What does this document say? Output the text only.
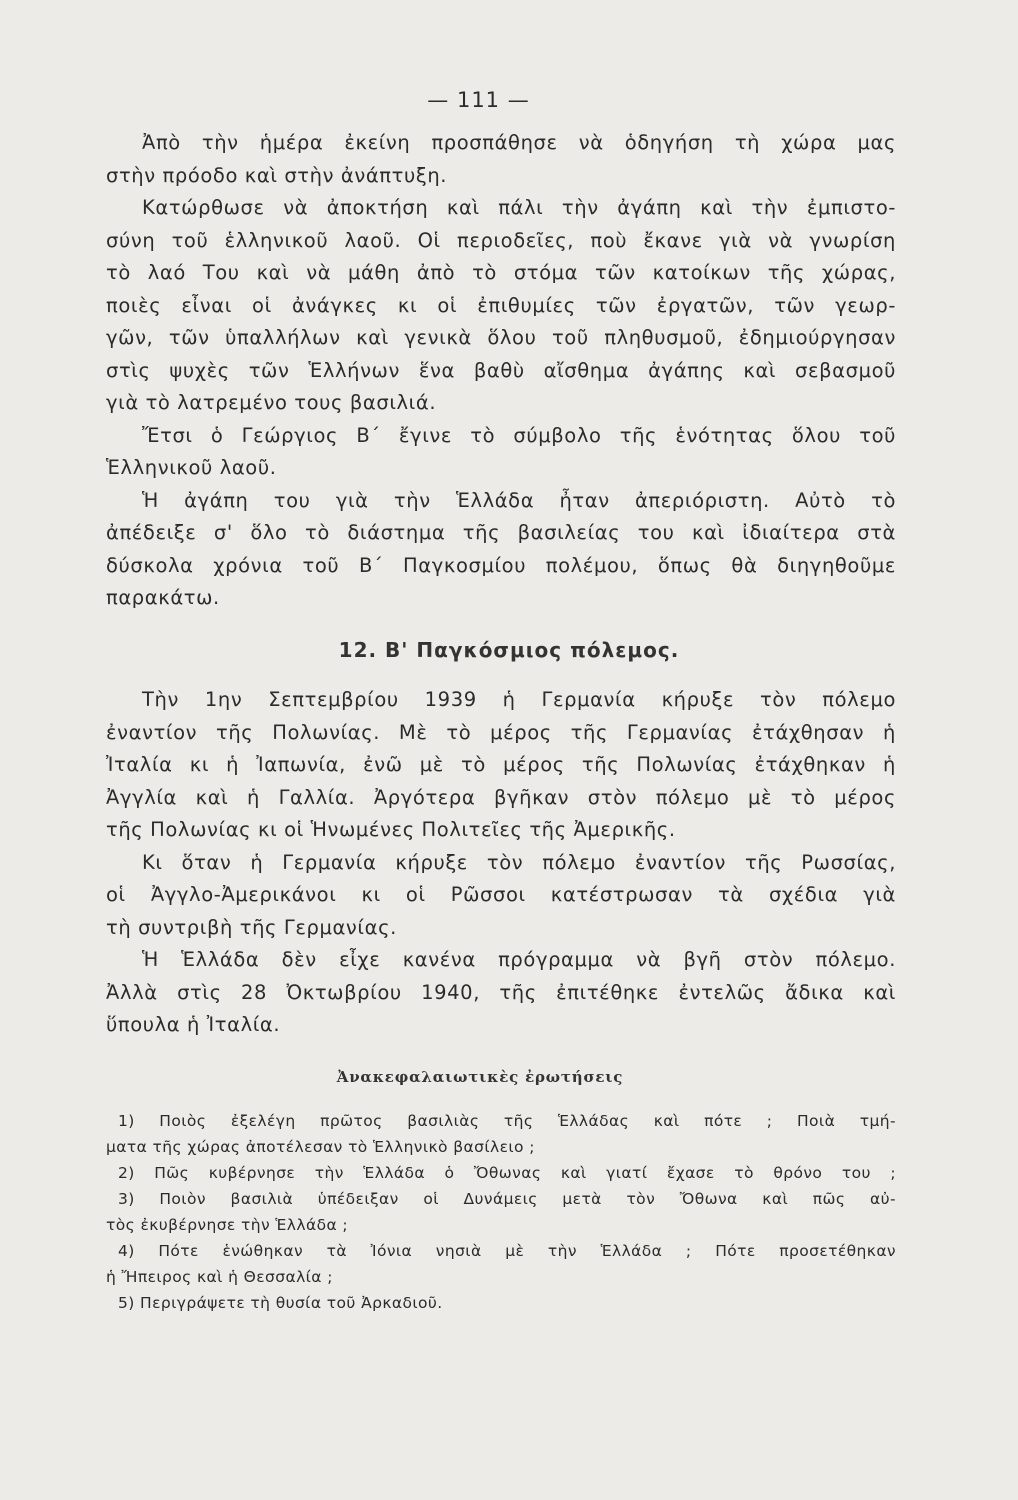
— 111 —

Ἀπὸ τὴν ἡμέρα ἐκείνη προσπάθησε νὰ ὁδηγήση τὴ χώρα μας

στὴν πρόοδο καὶ στὴν ἀνάπτυξη.

Κατώρθωσε νὰ ἀποκτήση καὶ πάλι τὴν ἀγάπη καὶ τὴν ἐμπιστο-

σύνη τοῦ ἑλληνικοῦ λαοῦ. Οἱ περιοδεῖες, ποὺ ἔκανε γιὰ νὰ γνωρίση

τὸ λαό Του καὶ νὰ μάθη ἀπὸ τὸ στόμα τῶν κατοίκων τῆς χώρας,

ποιὲς εἶναι οἱ ἀνάγκες κι οἱ ἐπιθυμίες τῶν ἐργατῶν, τῶν γεωρ-

γῶν, τῶν ὑπαλλήλων καὶ γενικὰ ὅλου τοῦ πληθυσμοῦ, ἐδημιούργησαν

στὶς ψυχὲς τῶν Ἑλλήνων ἕνα βαθὺ αἴσθημα ἀγάπης καὶ σεβασμοῦ

γιὰ τὸ λατρεμένο τους βασιλιά.

Ἔτσι ὁ Γεώργιος Β΄ ἔγινε τὸ σύμβολο τῆς ἑνότητας ὅλου τοῦ

Ἑλληνικοῦ λαοῦ.

Ἡ ἀγάπη του γιὰ τὴν Ἑλλάδα ἦταν ἀπεριόριστη. Αὐτὸ τὸ

ἀπέδειξε σ' ὅλο τὸ διάστημα τῆς βασιλείας του καὶ ἰδιαίτερα στὰ

δύσκολα χρόνια τοῦ Β΄ Παγκοσμίου πολέμου, ὅπως θὰ διηγηθοῦμε

παρακάτω.

12. Β' Παγκόσμιος πόλεμος.

Τὴν 1ην Σεπτεμβρίου 1939 ἡ Γερμανία κήρυξε τὸν πόλεμο

ἐναντίον τῆς Πολωνίας. Μὲ τὸ μέρος τῆς Γερμανίας ἐτάχθησαν ἡ

Ἰταλία κι ἡ Ἰαπωνία, ἐνῶ μὲ τὸ μέρος τῆς Πολωνίας ἐτάχθηκαν ἡ

Ἀγγλία καὶ ἡ Γαλλία. Ἀργότερα βγῆκαν στὸν πόλεμο μὲ τὸ μέρος

τῆς Πολωνίας κι οἱ Ἡνωμένες Πολιτεῖες τῆς Ἀμερικῆς.

Κι ὅταν ἡ Γερμανία κήρυξε τὸν πόλεμο ἐναντίον τῆς Ρωσσίας,

οἱ Ἀγγλο-Ἀμερικάνοι κι οἱ Ρῶσσοι κατέστρωσαν τὰ σχέδια γιὰ

τὴ συντριβὴ τῆς Γερμανίας.

Ἡ Ἑλλάδα δὲν εἶχε κανένα πρόγραμμα νὰ βγῆ στὸν πόλεμο.

Ἀλλὰ στὶς 28 Ὀκτωβρίου 1940, τῆς ἐπιτέθηκε ἐντελῶς ἄδικα καὶ

ὕπουλα ἡ Ἰταλία.

Ἀνακεφαλαιωτικὲς ἐρωτήσεις

1) Ποιὸς ἐξελέγη πρῶτος βασιλιὰς τῆς Ἑλλάδας καὶ πότε ; Ποιὰ τμή-

ματα τῆς χώρας ἀποτέλεσαν τὸ Ἑλληνικὸ βασίλειο ;

2) Πῶς κυβέρνησε τὴν Ἑλλάδα ὁ Ὄθωνας καὶ γιατί ἔχασε τὸ θρόνο του ;

3) Ποιὸν βασιλιὰ ὑπέδειξαν οἱ Δυνάμεις μετὰ τὸν Ὄθωνα καὶ πῶς αὐ-

τὸς ἐκυβέρνησε τὴν Ἑλλάδα ;

4) Πότε ἑνώθηκαν τὰ Ἰόνια νησιὰ μὲ τὴν Ἑλλάδα ; Πότε προσετέθηκαν

ἡ Ἤπειρος καὶ ἡ Θεσσαλία ;

5) Περιγράψετε τὴ θυσία τοῦ Ἀρκαδιοῦ.
